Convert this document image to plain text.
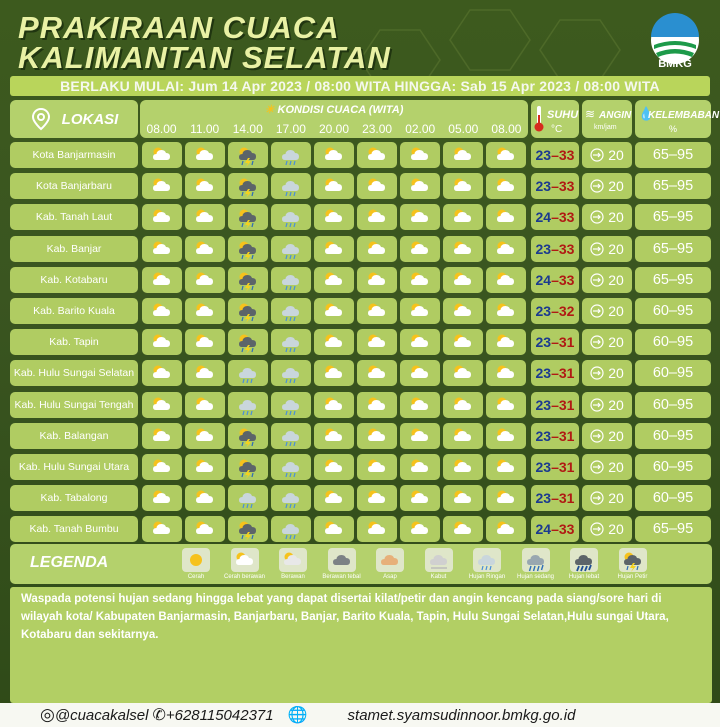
PRAKIRAAN CUACA
KALIMANTAN SELATAN	BMKG
BERLAKU MULAI: Jum 14 Apr 2023 / 08:00 WITA HINGGA: Sab 15 Apr 2023 / 08:00 WITA
LOKASI
☀ KONDISI CUACA (WITA)
08.00	11.00	14.00	17.00	20.00	23.00	02.00	05.00	08.00
SUHU
°C
≋ ANGIN
km/jam
💧
KELEMBABAN
%
Kota Banjarmasin	23 – 33 20	65–95
Kota Banjarbaru	23 – 33 20	65–95
Kab. Tanah Laut	24 – 33 20	65–95
Kab. Banjar	23 – 33 20	65–95
Kab. Kotabaru	24 – 33 20	65–95
Kab. Barito Kuala	23 – 32 20	60–95
Kab. Tapin	23 – 31 20	60–95
Kab. Hulu Sungai Selatan	23 – 31 20	60–95
Kab. Hulu Sungai Tengah	23 – 31 20	60–95
Kab. Balangan	23 – 31 20	60–95
Kab. Hulu Sungai Utara	23 – 31 20	60–95
Kab. Tabalong	23 – 31 20	60–95
Kab. Tanah Bumbu	24 – 33 20	65–95
LEGENDA
Cerah	Cerah berawan	Berawan	Berawan tebal	Asap	Kabut	Hujan Ringan	Hujan sedang	Hujan lebat	Hujan Petir
Waspada potensi hujan sedang hingga lebat yang dapat disertai kilat/petir dan angin kencang pada siang/sore hari di wilayah kota/ Kabupaten Banjarmasin, Banjarbaru, Banjar, Barito Kuala, Tapin, Hulu Sungai Selatan,Hulu sungai Utara, Kotabaru dan sekitarnya.
◎ @cuacakalsel ✆ +628115042371 🌐	stamet.syamsudinnoor.bmkg.go.id
